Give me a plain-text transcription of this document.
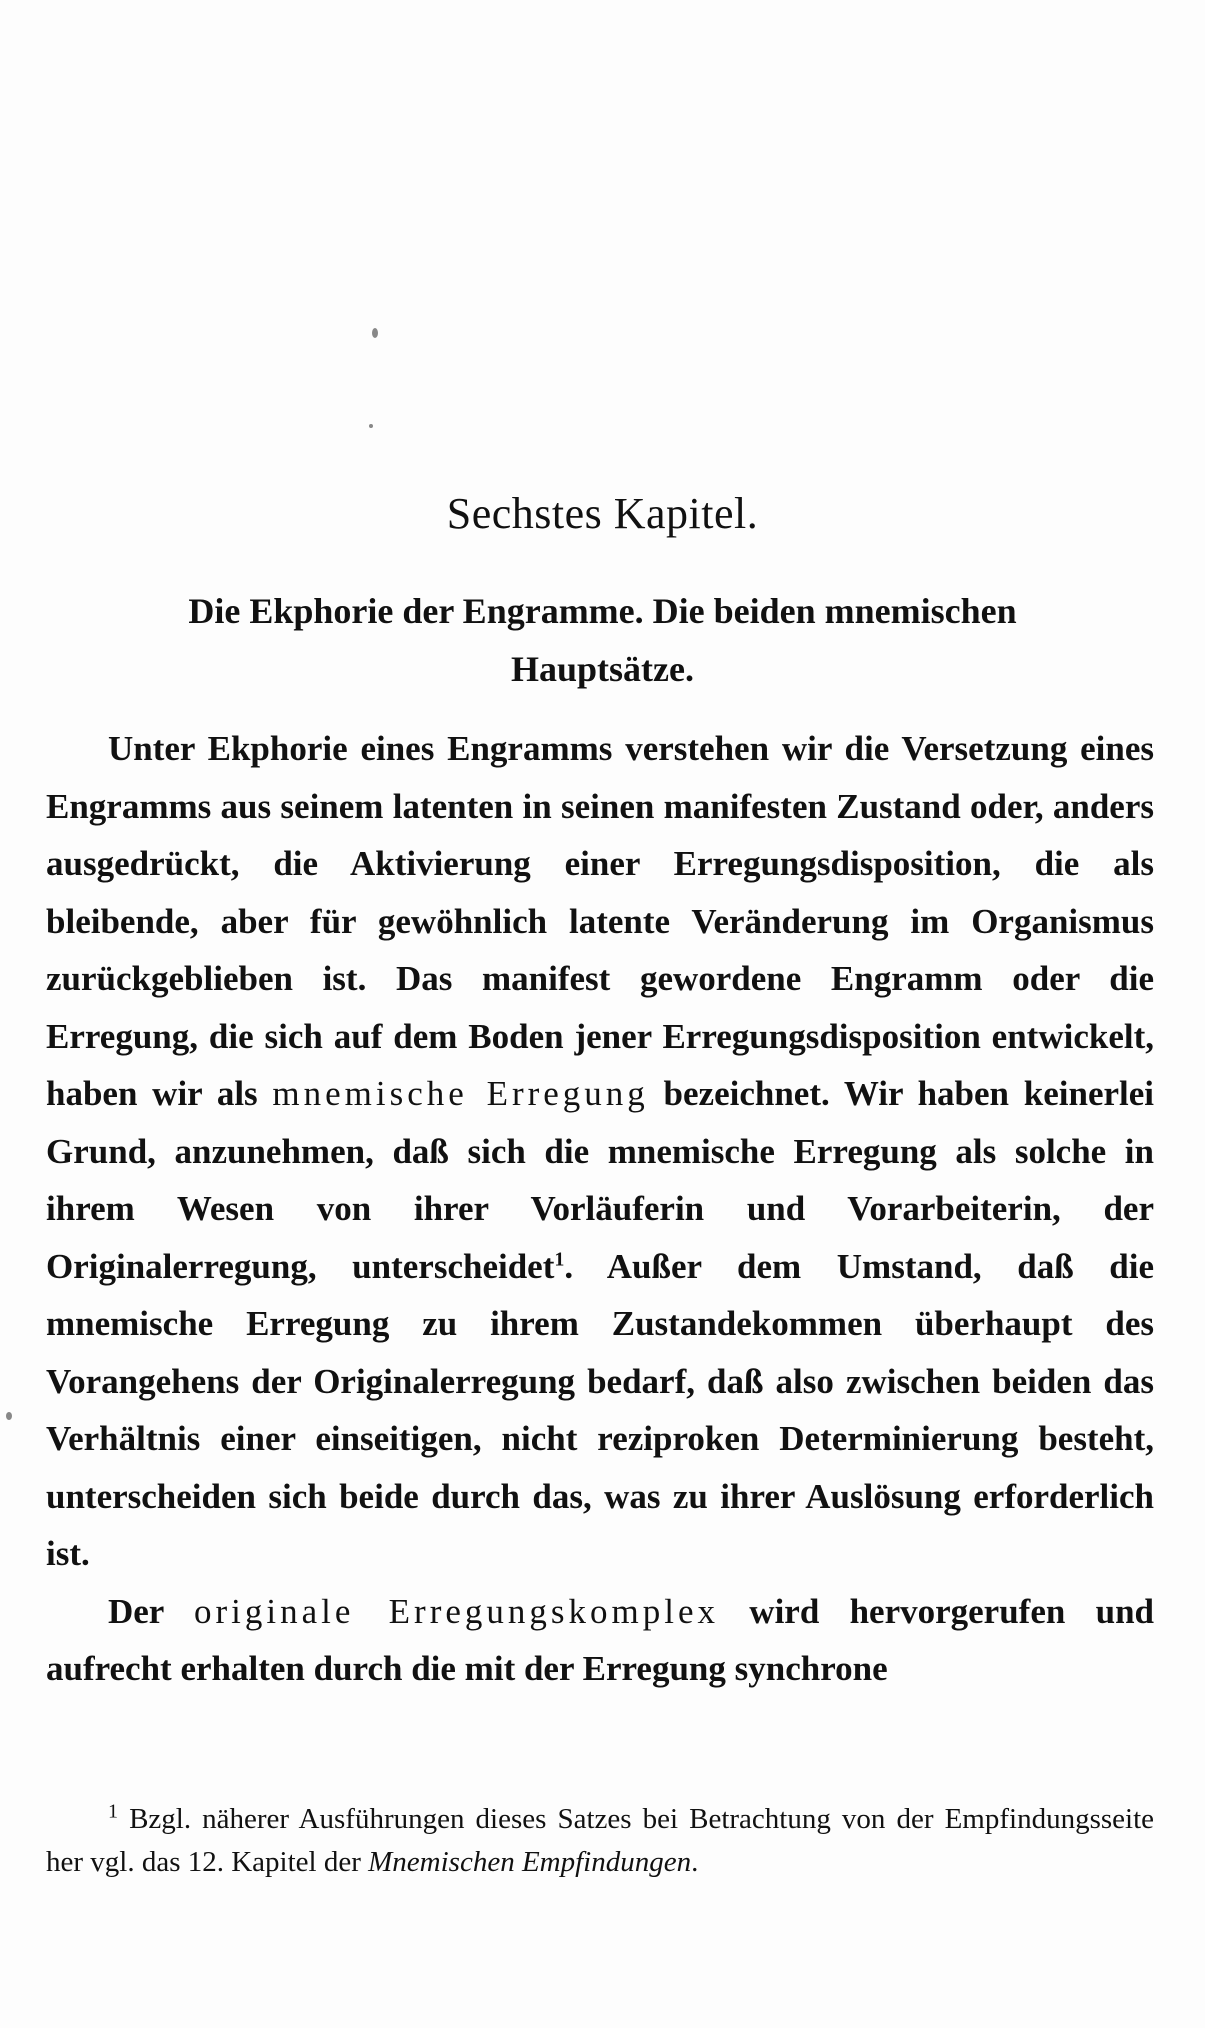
Sechstes Kapitel.
Die Ekphorie der Engramme. Die beiden mnemischen
Hauptsätze.

Unter Ekphorie eines Engramms verstehen wir die Versetzung eines Engramms aus seinem latenten in seinen manifesten Zustand oder, anders ausgedrückt, die Aktivierung einer Erregungsdisposition, die als bleibende, aber für gewöhnlich latente Veränderung im Organismus zurückgeblieben ist. Das manifest gewordene Engramm oder die Erregung, die sich auf dem Boden jener Erregungsdisposition entwickelt, haben wir als mnemische Erregung bezeichnet. Wir haben keinerlei Grund, anzunehmen, daß sich die mnemische Erregung als solche in ihrem Wesen von ihrer Vorläuferin und Vorarbeiterin, der Originalerregung, unterscheidet$^1$. Außer dem Umstand, daß die mnemische Erregung zu ihrem Zustandekommen überhaupt des Vorangehens der Originalerregung bedarf, daß also zwischen beiden das Verhältnis einer einseitigen, nicht reziproken Determinierung besteht, unterscheiden sich beide durch das, was zu ihrer Auslösung erforderlich ist.

Der originale Erregungskomplex wird hervorgerufen und aufrecht erhalten durch die mit der Erregung synchrone

$^1$ Bzgl. näherer Ausführungen dieses Satzes bei Betrachtung von der Empfindungsseite her vgl. das 12. Kapitel der Mnemischen Empfindungen.
